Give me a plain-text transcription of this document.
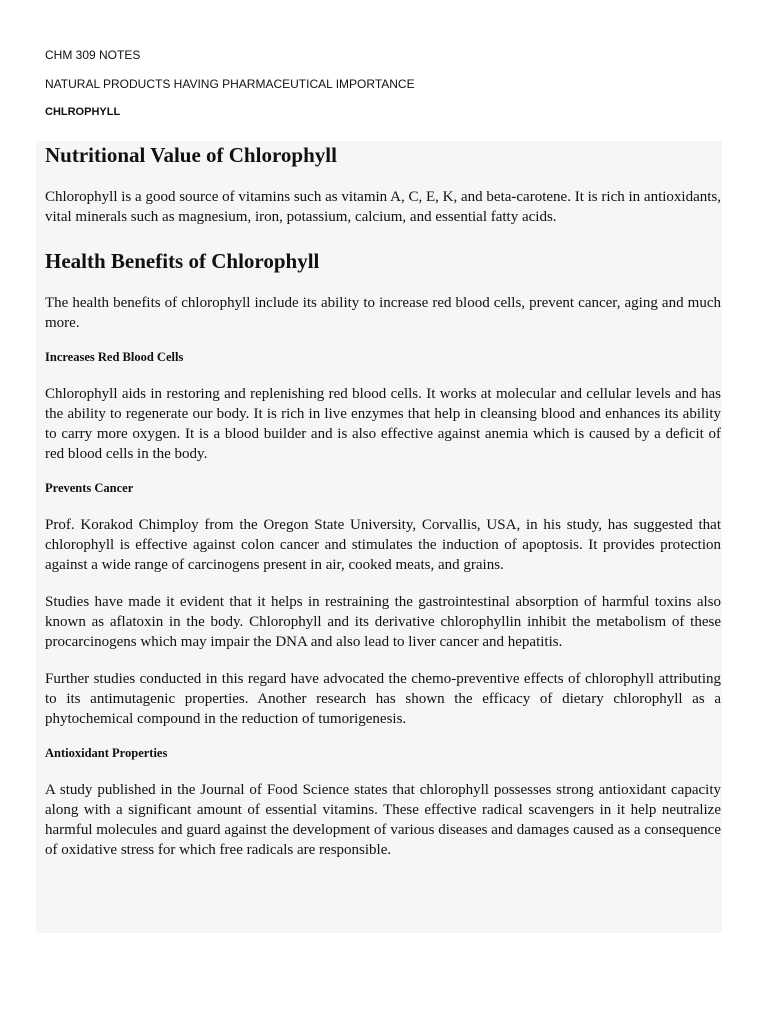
CHM 309 NOTES
NATURAL PRODUCTS HAVING PHARMACEUTICAL IMPORTANCE
CHLROPHYLL
Nutritional Value of Chlorophyll

Chlorophyll is a good source of vitamins such as vitamin A, C, E, K, and beta-carotene. It is rich in antioxidants, vital minerals such as magnesium, iron, potassium, calcium, and essential fatty acids.

Health Benefits of Chlorophyll

The health benefits of chlorophyll include its ability to increase red blood cells, prevent cancer, aging and much more.

Increases Red Blood Cells

Chlorophyll aids in restoring and replenishing red blood cells. It works at molecular and cellular levels and has the ability to regenerate our body. It is rich in live enzymes that help in cleansing blood and enhances its ability to carry more oxygen. It is a blood builder and is also effective against anemia which is caused by a deficit of red blood cells in the body.

Prevents Cancer

Prof. Korakod Chimploy from the Oregon State University, Corvallis, USA, in his study, has suggested that chlorophyll is effective against colon cancer and stimulates the induction of apoptosis. It provides protection against a wide range of carcinogens present in air, cooked meats, and grains.

Studies have made it evident that it helps in restraining the gastrointestinal absorption of harmful toxins also known as aflatoxin in the body. Chlorophyll and its derivative chlorophyllin inhibit the metabolism of these procarcinogens which may impair the DNA and also lead to liver cancer and hepatitis.

Further studies conducted in this regard have advocated the chemo-preventive effects of chlorophyll attributing to its antimutagenic properties. Another research has shown the efficacy of dietary chlorophyll as a phytochemical compound in the reduction of tumorigenesis.

Antioxidant Properties

A study published in the Journal of Food Science states that chlorophyll possesses strong antioxidant capacity along with a significant amount of essential vitamins. These effective radical scavengers in it help neutralize harmful molecules and guard against the development of various diseases and damages caused as a consequence of oxidative stress for which free radicals are responsible.
